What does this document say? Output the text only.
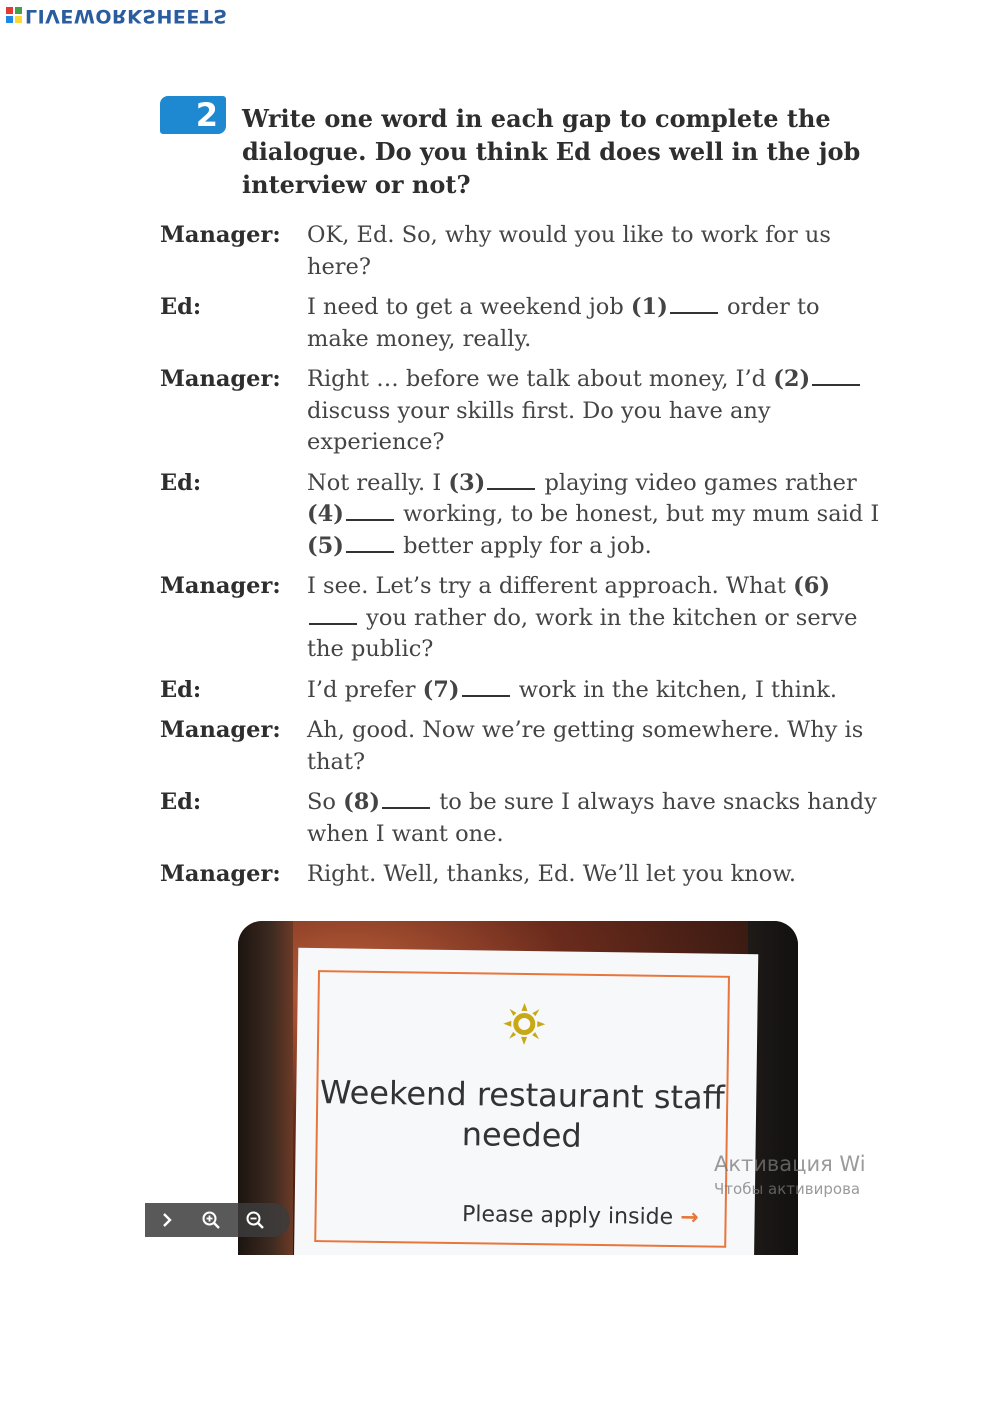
LIVEWORKSHEETS
2	Write one word in each gap to complete the dialogue. Do you think Ed does well in the job interview or not?
Manager:	OK, Ed. So, why would you like to work for us here?
Ed:	I need to get a weekend job (1) order to make money, really.
Manager:	Right … before we talk about money, I’d (2) discuss your skills first. Do you have any experience?
Ed:	Not really. I (3) playing video games rather (4) working, to be honest, but my mum said I (5) better apply for a job.
Manager:	I see. Let’s try a different approach. What (6) you rather do, work in the kitchen or serve the public?
Ed:	I’d prefer (7) work in the kitchen, I think.
Manager:	Ah, good. Now we’re getting somewhere. Why is that?
Ed:	So (8) to be sure I always have snacks handy when I want one.
Manager:	Right. Well, thanks, Ed. We’ll let you know.
Weekend restaurant staff needed
Please apply inside →
Активация Wi
Чтобы активирова
